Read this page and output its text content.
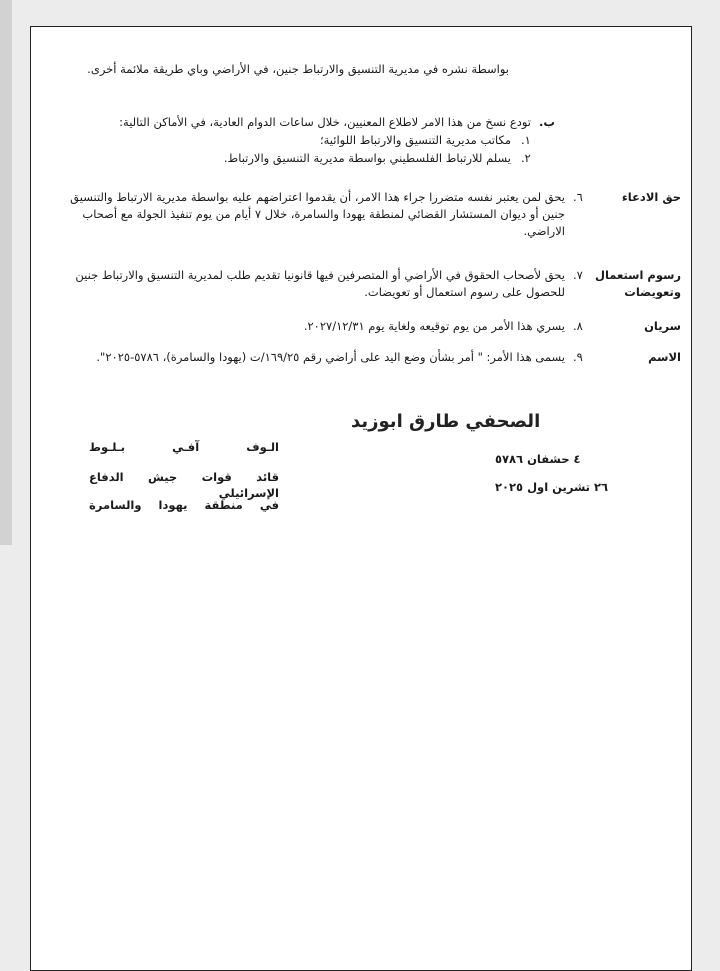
بواسطة نشره في مديرية التنسيق والارتباط جنين، في الأراضي وباي طريقة ملائمة أخرى.

ب.

تودع نسخ من هذا الامر لاطلاع المعنيين، خلال ساعات الدوام العادية، في الأماكن التالية:

١.

مكاتب مديرية التنسيق والارتباط اللوائية؛

٢.

يسلم للارتباط الفلسطيني بواسطة مديرية التنسيق والارتباط.

حق الادعاء
٦.

يحق لمن يعتبر نفسه متضررا جراء هذا الامر، أن يقدموا اعتراضهم عليه بواسطة مديرية الارتباط والتنسيق جنين أو ديوان المستشار القضائي لمنطقة يهودا والسامرة، خلال ٧ أيام من يوم تنفيذ الجولة مع أصحاب الاراضي.

رسوم استعمال وتعويضات
٧.

يحق لأصحاب الحقوق في الأراضي أو المتصرفين فيها قانونيا تقديم طلب لمديرية التنسيق والارتباط جنين للحصول على رسوم استعمال أو تعويضات.

سريان
٨.

يسري هذا الأمر من يوم توقيعه ولغاية يوم ٢٠٢٧/١٢/٣١.

الاسم
٩.

يسمى هذا الأمر: " أمر بشأن وضع اليد على أراضي رقم ١٦٩/٢٥/ت (يهودا والسامرة)، ٥٧٨٦-٢٠٢٥".

الصحفي طارق ابوزيد
٤ حشفان ٥٧٨٦
٢٦ تشرين اول ٢٠٢٥
الـوف آفـي بـلـوط
قائد قوات جيش الدفاع الإسرائيلي
في منطقة يهودا والسامرة
